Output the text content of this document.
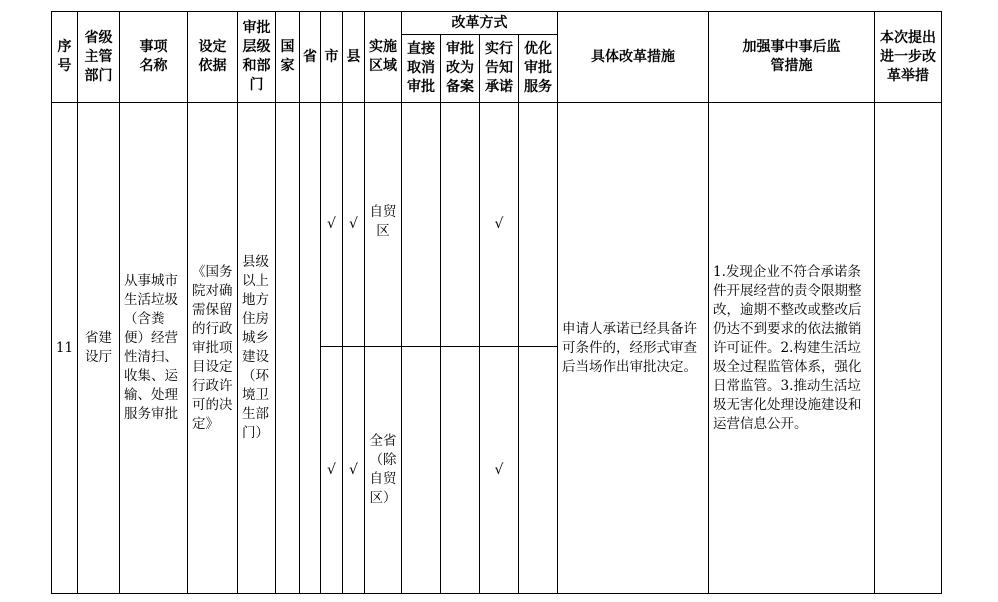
序号	省级主管部门	事项名称	设定依据	审批层级和部门	国家	省	市	县	实施区域	改革方式				具体改革措施	加强事中事后监管措施	本次提出进一步改革举措

										直接取消审批	审批改为备案	实行告知承诺	优化审批服务			

11	省建设厅	从事城市生活垃圾（含粪便）经营性清扫、收集、运输、处理服务审批	《国务院对确需保留的行政审批项目设定行政许可的决定》	县级以上地方住房城乡建设（环境卫生部门）			√	√	自贸区			√		申请人承诺已经具备许可条件的，经形式审查后当场作出审批决定。	1.发现企业不符合承诺条件开展经营的责令限期整改，逾期不整改或整改后仍达不到要求的依法撤销许可证件。2.构建生活垃圾全过程监管体系，强化日常监管。3.推动生活垃圾无害化处理设施建设和运营信息公开。	
							√	√	全省（除自贸区）			√				
